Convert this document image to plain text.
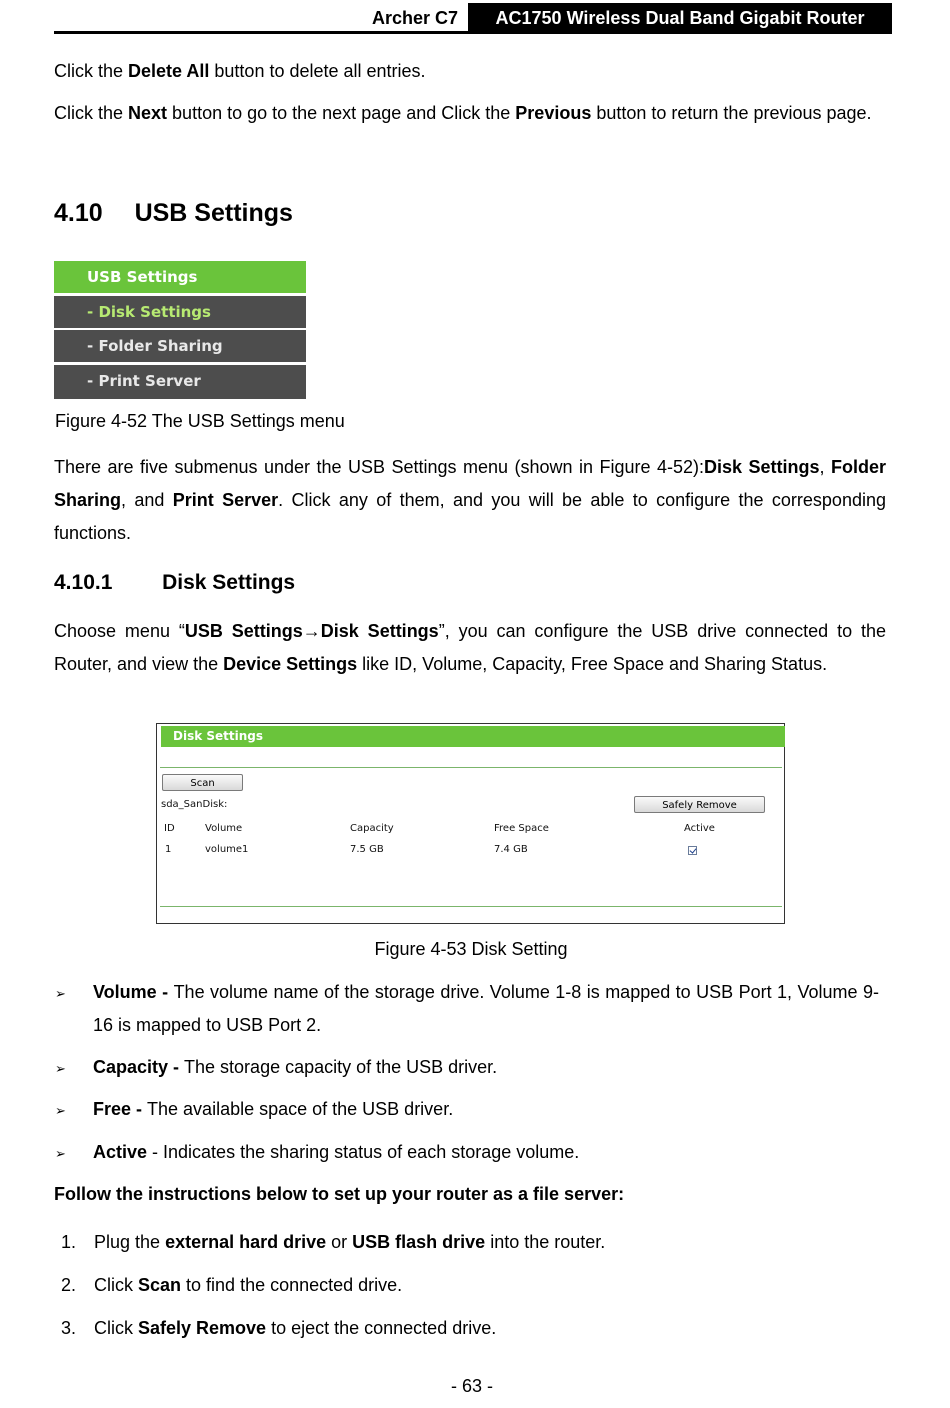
Archer C7	AC1750 Wireless Dual Band Gigabit Router

Click the Delete All button to delete all entries.

Click the Next button to go to the next page and Click the Previous button to return the previous page.

4.10 USB Settings
USB Settings
- Disk Settings
- Folder Sharing
- Print Server
Figure 4-52 The USB Settings menu

There are five submenus under the USB Settings menu (shown in Figure 4-52):Disk Settings, Folder Sharing, and Print Server. Click any of them, and you will be able to configure the corresponding functions.

4.10.1 Disk Settings

Choose menu “USB Settings→Disk Settings”, you can configure the USB drive connected to the Router, and view the Device Settings like ID, Volume, Capacity, Free Space and Sharing Status.

Disk Settings
Scan
sda_SanDisk:	Safely Remove
ID	Volume	Capacity	Free Space	Active
1	volume1	7.5 GB	7.4 GB
Figure 4-53 Disk Setting
➢ Volume - The volume name of the storage drive. Volume 1-8 is mapped to USB Port 1, Volume 9-16 is mapped to USB Port 2.

➢ Capacity - The storage capacity of the USB driver.

➢ Free - The available space of the USB driver.

➢ Active - Indicates the sharing status of each storage volume.

Follow the instructions below to set up your router as a file server:

1. Plug the external hard drive or USB flash drive into the router.

2. Click Scan to find the connected drive.

3. Click Safely Remove to eject the connected drive.

- 63 -
